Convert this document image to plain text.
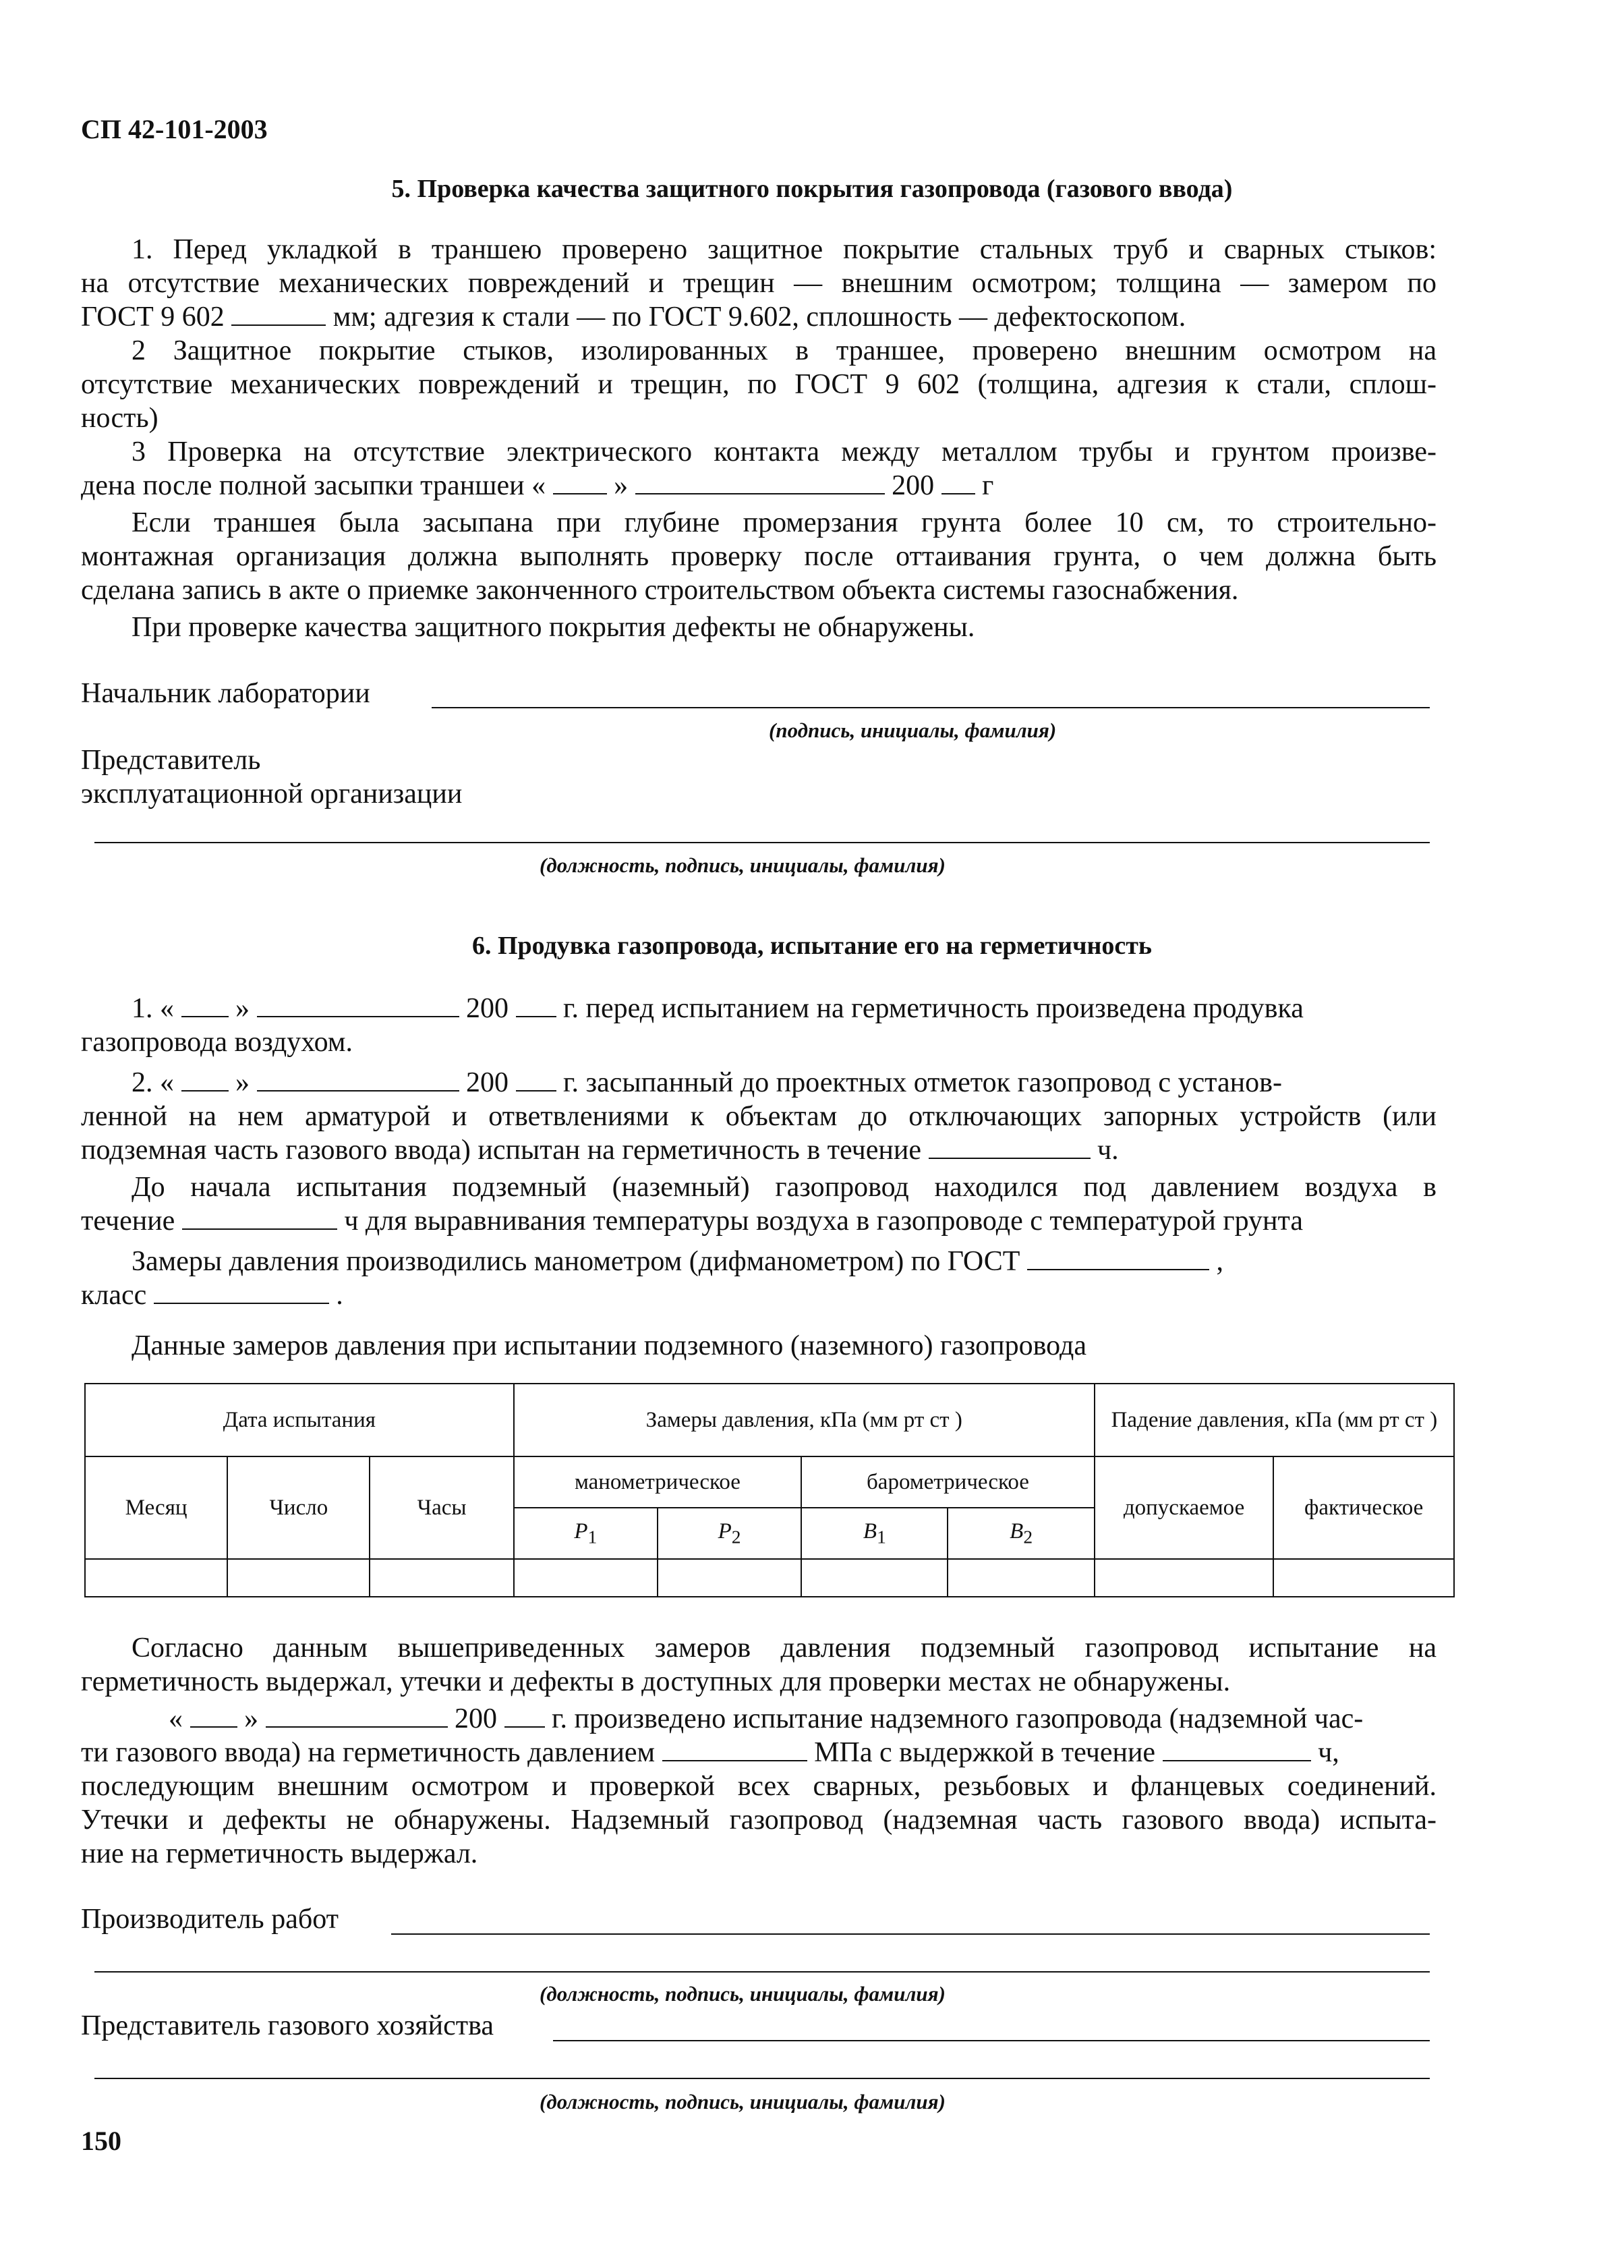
СП 42-101-2003
5. Проверка качества защитного покрытия газопровода (газового ввода)
1. Перед укладкой в траншею проверено защитное покрытие стальных труб и сварных стыков:
на отсутствие механических повреждений и трещин — внешним осмотром; толщина — замером по
ГОСТ 9 602	мм; адгезия к стали — по ГОСТ 9.602, сплошность — дефектоскопом.
2 Защитное покрытие стыков, изолированных в траншее, проверено внешним осмотром на
отсутствие механических повреждений и трещин, по ГОСТ 9 602 (толщина, адгезия к стали, сплош-
ность)
3 Проверка на отсутствие электрического контакта между металлом трубы и грунтом произве-
дена после полной засыпки траншеи « »	200 г
Если траншея была засыпана при глубине промерзания грунта более 10 см, то строительно-
монтажная организация должна выполнять проверку после оттаивания грунта, о чем должна быть
сделана запись в акте о приемке законченного строительством объекта системы газоснабжения.
При проверке качества защитного покрытия дефекты не обнаружены.
Начальник лаборатории
(подпись, инициалы, фамилия)
Представитель
эксплуатационной организации
(должность, подпись, инициалы, фамилия)
6. Продувка газопровода, испытание его на герметичность
1. « »	200 г. перед испытанием на герметичность произведена продувка
газопровода воздухом.
2. « »	200 г. засыпанный до проектных отметок газопровод с установ-
ленной на нем арматурой и ответвлениями к объектам до отключающих запорных устройств (или
подземная часть газового ввода) испытан на герметичность в течение	ч.
До начала испытания подземный (наземный) газопровод находился под давлением воздуха в
течение	ч для выравнивания температуры воздуха в газопроводе с температурой грунта
Замеры давления производились манометром (дифманометром) по ГОСТ	,
класс	.
Данные замеров давления при испытании подземного (наземного) газопровода
Дата испытания			Замеры давления, кПа (мм рт ст )				Падение давления, кПа (мм рт ст )	
Месяц	Число	Часы	манометрическое		барометрическое		допускаемое	фактическое
			$P_1$	$P_2$	$B_1$	$B_2$

Согласно данным вышеприведенных замеров давления подземный газопровод испытание на
герметичность выдержал, утечки и дефекты в доступных для проверки местах не обнаружены.
« »	200 г. произведено испытание надземного газопровода (надземной час-
ти газового ввода) на герметичность давлением	МПа с выдержкой в течение	ч,
последующим внешним осмотром и проверкой всех сварных, резьбовых и фланцевых соединений.
Утечки и дефекты не обнаружены. Надземный газопровод (надземная часть газового ввода) испыта-
ние на герметичность выдержал.
Производитель работ
(должность, подпись, инициалы, фамилия)
Представитель газового хозяйства
(должность, подпись, инициалы, фамилия)
150
